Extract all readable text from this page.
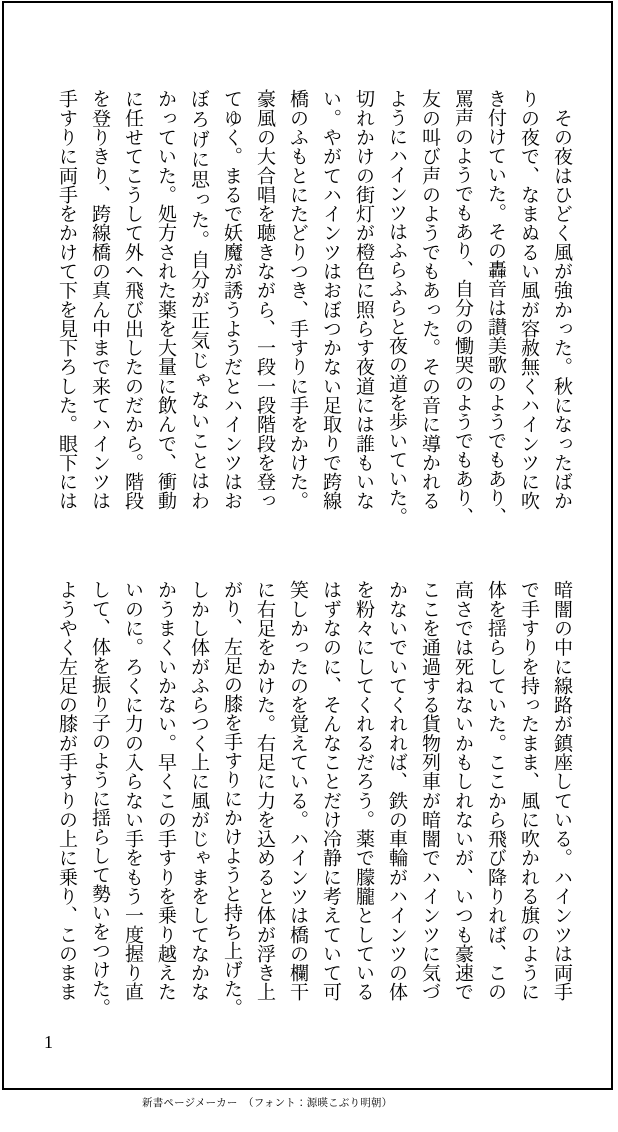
　その夜はひどく風が強かった。秋になったばか
りの夜で、なまぬるい風が容赦無くハインツに吹
き付けていた。その轟音は讃美歌のようでもあり、
罵声のようでもあり、自分の慟哭のようでもあり、
友の叫び声のようでもあった。その音に導かれる
ようにハインツはふらふらと夜の道を歩いていた。
切れかけの街灯が橙色に照らす夜道には誰もいな
い。やがてハインツはおぼつかない足取りで跨線
橋のふもとにたどりつき、手すりに手をかけた。
豪風の大合唱を聴きながら、一段一段階段を登っ
てゆく。まるで妖魔が誘うようだとハインツはお
ぼろげに思った。自分が正気じゃないことはわ
かっていた。処方された薬を大量に飲んで、衝動
に任せてこうして外へ飛び出したのだから。階段
を登りきり、跨線橋の真ん中まで来てハインツは
手すりに両手をかけて下を見下ろした。眼下には
暗闇の中に線路が鎮座している。ハインツは両手
で手すりを持ったまま、風に吹かれる旗のように
体を揺らしていた。ここから飛び降りれば、この
高さでは死ねないかもしれないが、いつも豪速で
ここを通過する貨物列車が暗闇でハインツに気づ
かないでいてくれれば、鉄の車輪がハインツの体
を粉々にしてくれるだろう。薬で朦朧としている
はずなのに、そんなことだけ冷静に考えていて可
笑しかったのを覚えている。ハインツは橋の欄干
に右足をかけた。右足に力を込めると体が浮き上
がり、左足の膝を手すりにかけようと持ち上げた。
しかし体がふらつく上に風がじゃまをしてなかな
かうまくいかない。早くこの手すりを乗り越えた
いのに。ろくに力の入らない手をもう一度握り直
して、体を振り子のように揺らして勢いをつけた。
ようやく左足の膝が手すりの上に乗り、このまま
1
新書ページメーカー　（フォント：源暎こぶり明朝）
